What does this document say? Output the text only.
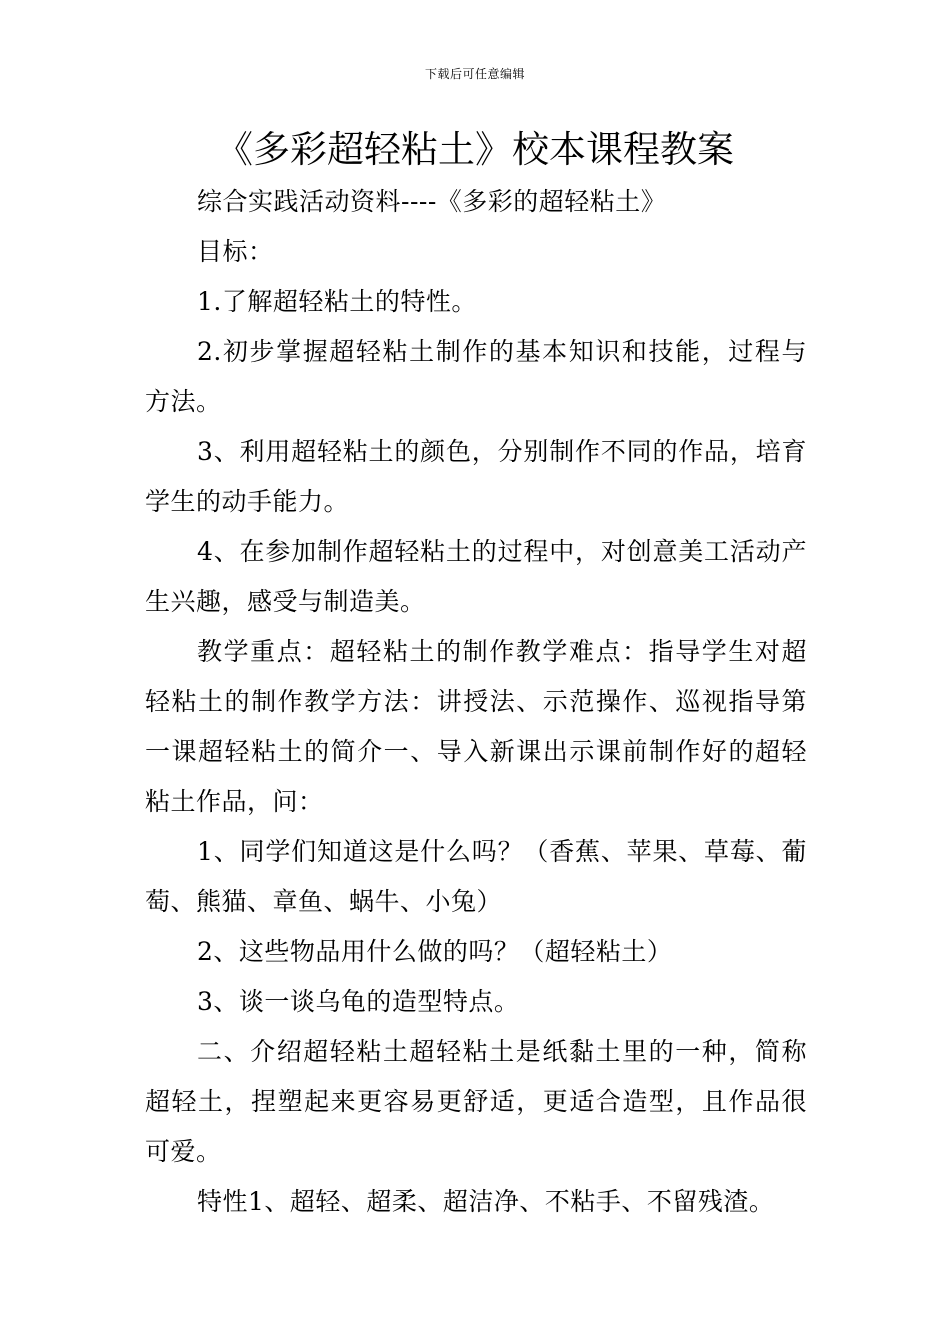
下载后可任意编辑
《多彩超轻粘土》校本课程教案

综合实践活动资料----《多彩的超轻粘土》

目标：

1.了解超轻粘土的特性。

2.初步掌握超轻粘土制作的基本知识和技能，过程与方法。

3、利用超轻粘土的颜色，分别制作不同的作品，培育学生的动手能力。

4、在参加制作超轻粘土的过程中，对创意美工活动产生兴趣，感受与制造美。

教学重点：超轻粘土的制作教学难点：指导学生对超轻粘土的制作教学方法：讲授法、示范操作、巡视指导第一课超轻粘土的简介一、导入新课出示课前制作好的超轻粘土作品，问：

1、同学们知道这是什么吗？（香蕉、苹果、草莓、葡萄、熊猫、章鱼、蜗牛、小兔）

2、这些物品用什么做的吗？（超轻粘土）

3、谈一谈乌龟的造型特点。

二、介绍超轻粘土超轻粘土是纸黏土里的一种，简称超轻土，捏塑起来更容易更舒适，更适合造型，且作品很可爱。

特性1、超轻、超柔、超洁净、不粘手、不留残渣。
